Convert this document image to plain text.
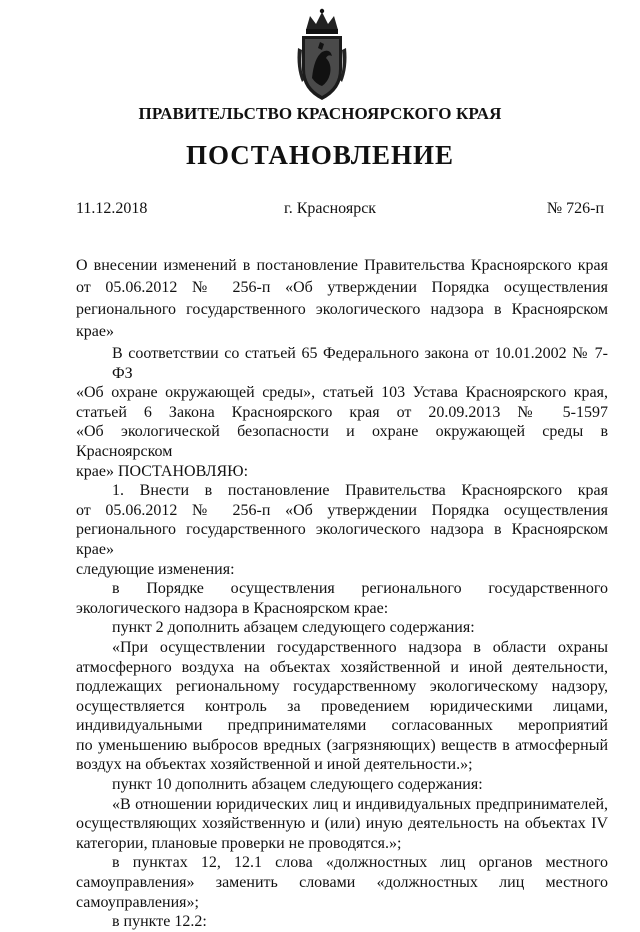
ПРАВИТЕЛЬСТВО КРАСНОЯРСКОГО КРАЯ
ПОСТАНОВЛЕНИЕ
11.12.2018	г. Красноярск	№ 726-п

О внесении изменений в постановление Правительства Красноярского края

от 05.06.2012 № 256-п «Об утверждении Порядка осуществления

регионального государственного экологического надзора в Красноярском крае»

В соответствии со статьей 65 Федерального закона от 10.01.2002 № 7-ФЗ
«Об охране окружающей среды», статьей 103 Устава Красноярского края,
статьей 6 Закона Красноярского края от 20.09.2013 № 5-1597
«Об экологической безопасности и охране окружающей среды в Красноярском
крае» ПОСТАНОВЛЯЮ:
1. Внести в постановление Правительства Красноярского края
от 05.06.2012 № 256-п «Об утверждении Порядка осуществления
регионального государственного экологического надзора в Красноярском крае»
следующие изменения:
в Порядке осуществления регионального государственного
экологического надзора в Красноярском крае:
пункт 2 дополнить абзацем следующего содержания:
«При осуществлении государственного надзора в области охраны
атмосферного воздуха на объектах хозяйственной и иной деятельности,
подлежащих региональному государственному экологическому надзору,
осуществляется контроль за проведением юридическими лицами,
индивидуальными предпринимателями согласованных мероприятий
по уменьшению выбросов вредных (загрязняющих) веществ в атмосферный
воздух на объектах хозяйственной и иной деятельности.»;
пункт 10 дополнить абзацем следующего содержания:
«В отношении юридических лиц и индивидуальных предпринимателей,
осуществляющих хозяйственную и (или) иную деятельность на объектах IV
категории, плановые проверки не проводятся.»;
в пунктах 12, 12.1 слова «должностных лиц органов местного
самоуправления» заменить словами «должностных лиц местного
самоуправления»;
в пункте 12.2:
